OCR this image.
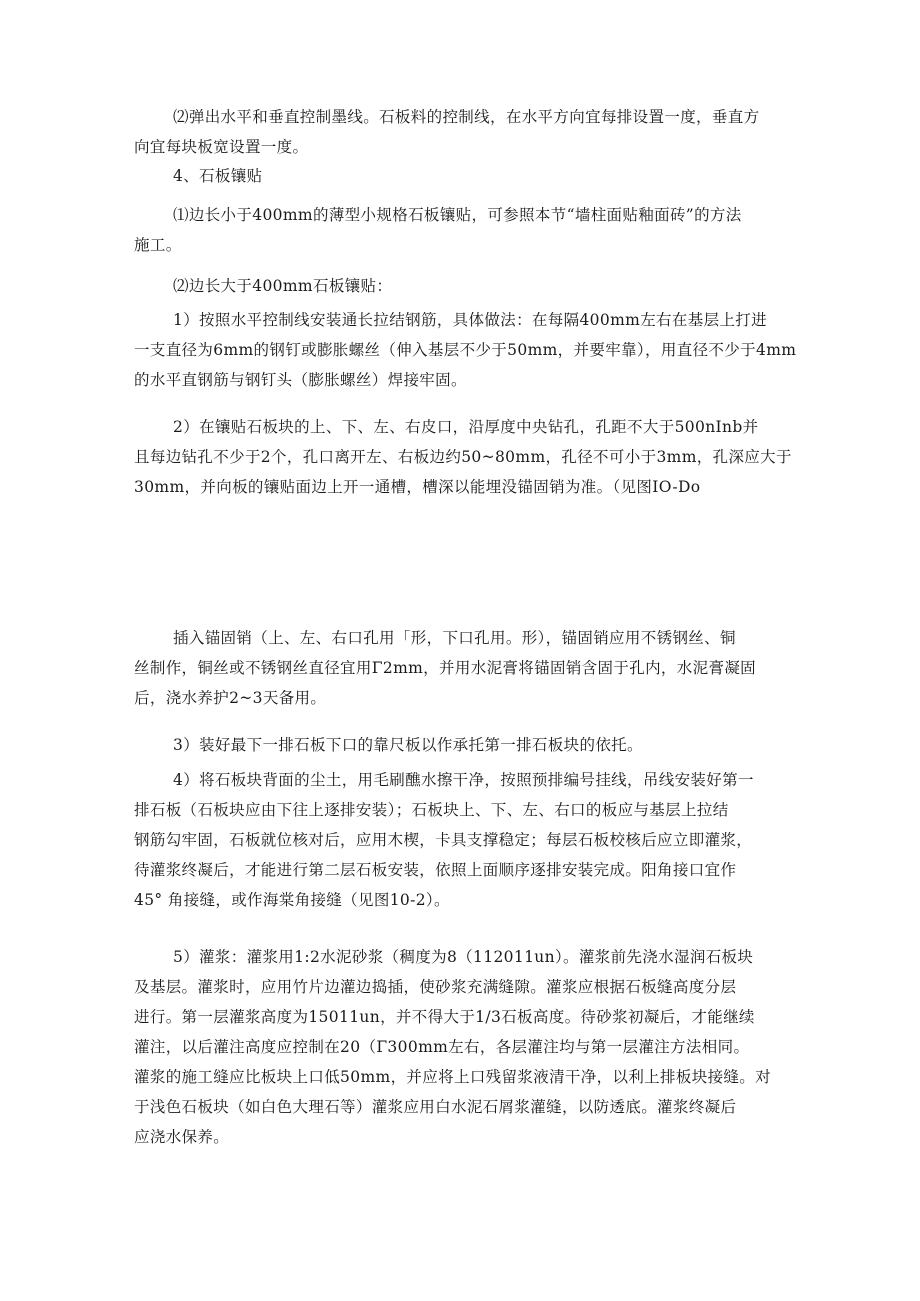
⑵弹出水平和垂直控制墨线。石板料的控制线，在水平方向宜每排设置一度，垂直方
向宜每块板宽设置一度。
4、石板镶贴
⑴边长小于400mm的薄型小规格石板镶贴，可参照本节“墙柱面贴釉面砖”的方法
施工。
⑵边长大于400mm石板镶贴：
1）按照水平控制线安装通长拉结钢筋，具体做法：在每隔400mm左右在基层上打进
一支直径为6mm的钢钉或膨胀螺丝（伸入基层不少于50mm，并要牢靠），用直径不少于4mm
的水平直钢筋与钢钉头（膨胀螺丝）焊接牢固。
2）在镶贴石板块的上、下、左、右皮口，沿厚度中央钻孔，孔距不大于500nInb并
且每边钻孔不少于2个，孔口离开左、右板边约50~80mm，孔径不可小于3mm，孔深应大于
30mm，并向板的镶贴面边上开一通槽，槽深以能埋没锚固销为准。（见图IO-Do
插入锚固销（上、左、右口孔用「形，下口孔用。形），锚固销应用不锈钢丝、铜
丝制作，铜丝或不锈钢丝直径宜用Γ2mm，并用水泥膏将锚固销含固于孔内，水泥膏凝固
后，浇水养护2~3天备用。
3）装好最下一排石板下口的靠尺板以作承托第一排石板块的依托。
4）将石板块背面的尘土，用毛刷醮水擦干净，按照预排编号挂线，吊线安装好第一
排石板（石板块应由下往上逐排安装）；石板块上、下、左、右口的板应与基层上拉结
钢筋勾牢固，石板就位核对后，应用木楔，卡具支撑稳定；每层石板校核后应立即灌浆，
待灌浆终凝后，才能进行第二层石板安装，依照上面顺序逐排安装完成。阳角接口宜作
45° 角接缝，或作海棠角接缝（见图10-2）。
5）灌浆：灌浆用1:2水泥砂浆（稠度为8（112011un）。灌浆前先浇水湿润石板块
及基层。灌浆时，应用竹片边灌边捣插，使砂浆充满缝隙。灌浆应根据石板缝高度分层
进行。第一层灌浆高度为15011un，并不得大于1/3石板高度。待砂浆初凝后，才能继续
灌注，以后灌注高度应控制在20（Γ300mm左右，各层灌注均与第一层灌注方法相同。
灌浆的施工缝应比板块上口低50mm，并应将上口残留浆液清干净，以利上排板块接缝。对
于浅色石板块（如白色大理石等）灌浆应用白水泥石屑浆灌缝，以防透底。灌浆终凝后
应浇水保养。
